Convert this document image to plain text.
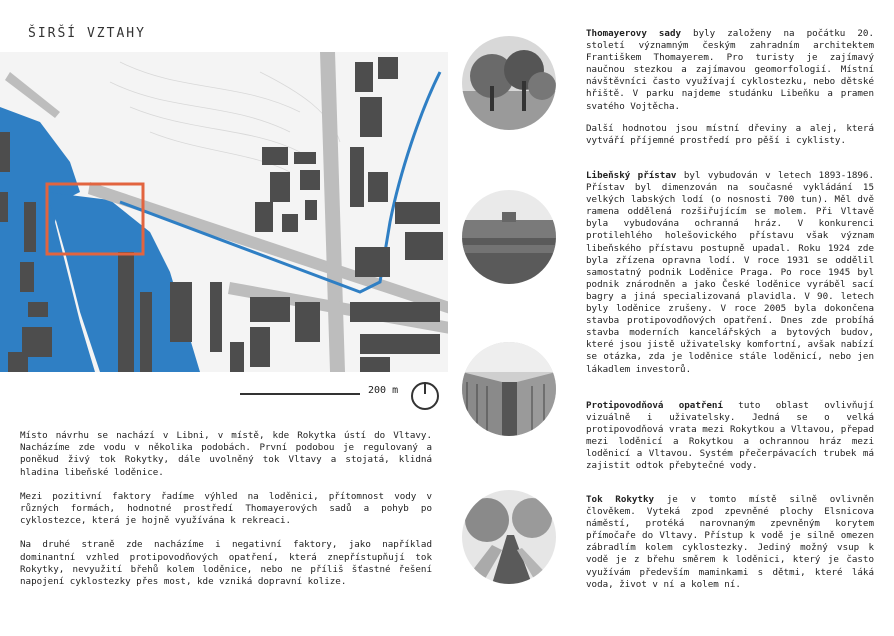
ŠIRŠÍ VZTAHY
200 m

Místo návrhu se nachází v Libni, v místě, kde Rokytka ústí do Vltavy. Nacházíme zde vodu v několika podobách. První podobou je regulovaný a poněkud živý tok Rokytky, dále uvolněný tok Vltavy a stojatá, klidná hladina libeňské loděnice.

Mezi pozitivní faktory řadíme výhled na loděnici, přítomnost vody v různých formách, hodnotné prostředí Thomayerových sadů a pohyb po cyklostezce, která je hojně využívána k rekreaci.

Na druhé straně zde nacházíme i negativní faktory, jako například dominantní vzhled protipovodňových opatření, která znepřístupňují tok Rokytky, nevyužití břehů kolem loděnice, nebo ne příliš šťastné řešení napojení cyklostezky přes most, kde vzniká dopravní kolize.

Thomayerovy sady byly založeny na počátku 20. století významným českým zahradním architektem Františkem Thomayerem. Pro turisty je zajímavý naučnou stezkou a zajímavou geomorfologií. Místní návštěvníci často využívají cyklostezku, nebo dětské hřiště. V parku najdeme studánku Libeňku a pramen svatého Vojtěcha.

Další hodnotou jsou místní dřeviny a alej, která vytváří příjemné prostředí pro pěší i cyklisty.

Libeňský přístav byl vybudován v letech 1893-1896. Přístav byl dimenzován na současné vykládání 15 velkých labských lodí (o nosnosti 700 tun). Měl dvě ramena oddělená rozšiřujícím se molem. Při Vltavě byla vybudována ochranná hráz. V konkurenci protilehlého holešovického přístavu však význam libeňského přístavu postupně upadal. Roku 1924 zde byla zřízena opravna lodí. V roce 1931 se oddělil samostatný podnik Loděnice Praga. Po roce 1945 byl podnik znárodněn a jako České loděnice vyráběl sací bagry a jiná specializovaná plavidla. V 90. letech byly loděnice zrušeny. V roce 2005 byla dokončena stavba protipovodňových opatření. Dnes zde probíhá stavba moderních kancelářských a bytových budov, které jsou jistě uživatelsky komfortní, avšak nabízí se otázka, zda je loděnice stále loděnicí, nebo jen lákadlem investorů.

Protipovodňová opatření tuto oblast ovlivňují vizuálně i uživatelsky. Jedná se o velká protipovodňová vrata mezi Rokytkou a Vltavou, přepad mezi loděnicí a Rokytkou a ochrannou hráz mezi loděnicí a Vltavou. Systém přečerpávacích trubek má zajistit odtok přebytečné vody.

Tok Rokytky je v tomto místě silně ovlivněn člověkem. Vyteká zpod zpevněné plochy Elsnicova náměstí, protéká narovnaným zpevněným korytem přímočaře do Vltavy. Přístup k vodě je silně omezen zábradlím kolem cyklostezky. Jediný možný vsup k vodě je z břehu směrem k loděnici, který je často využívám především maminkami s dětmi, které láká voda, život v ní a kolem ní.
